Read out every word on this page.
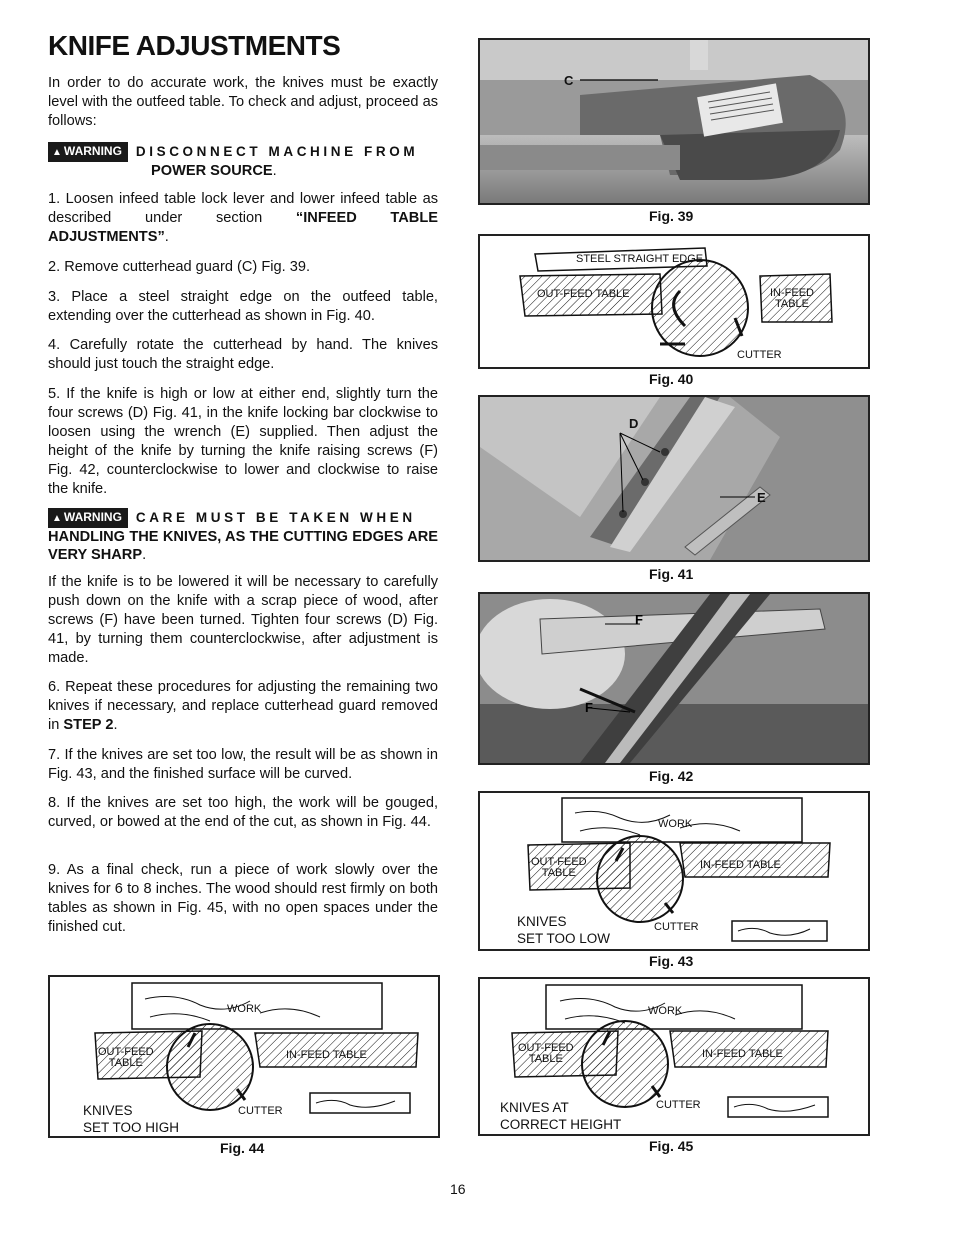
KNIFE ADJUSTMENTS

In order to do accurate work, the knives must be exactly level with the outfeed table. To check and adjust, proceed as follows:

▲ WARNING DISCONNECT MACHINE FROM
POWER SOURCE.

1. Loosen infeed table lock lever and lower infeed table as described under section “INFEED TABLE ADJUSTMENTS”.

2. Remove cutterhead guard (C) Fig. 39.

3. Place a steel straight edge on the outfeed table, extending over the cutterhead as shown in Fig. 40.

4. Carefully rotate the cutterhead by hand. The knives should just touch the straight edge.

5. If the knife is high or low at either end, slightly turn the four screws (D) Fig. 41, in the knife locking bar clockwise to loosen using the wrench (E) supplied. Then adjust the height of the knife by turning the knife raising screws (F) Fig. 42, counterclockwise to lower and clockwise to raise the knife.

▲ WARNING CARE MUST BE TAKEN WHEN
HANDLING THE KNIVES, AS THE CUTTING EDGES ARE VERY SHARP.

If the knife is to be lowered it will be necessary to carefully push down on the knife with a scrap piece of wood, after screws (F) have been turned. Tighten four screws (D) Fig. 41, by turning them counterclockwise, after adjustment is made.

6. Repeat these procedures for adjusting the remaining two knives if necessary, and replace cutterhead guard removed in STEP 2.

7. If the knives are set too low, the result will be as shown in Fig. 43, and the finished surface will be curved.

8. If the knives are set too high, the work will be gouged, curved, or bowed at the end of the cut, as shown in Fig. 44.

9. As a final check, run a piece of work slowly over the knives for 6 to 8 inches. The wood should rest firmly on both tables as shown in Fig. 45, with no open spaces under the finished cut.

C
Fig. 39
STEEL STRAIGHT EDGE
OUT-FEED TABLE	IN-FEED
TABLE
CUTTER
Fig. 40
D
E
Fig. 41
F
F
Fig. 42
WORK
OUT-FEED
TABLE
IN-FEED TABLE
KNIVES
SET TOO LOW
CUTTER
Fig. 43
WORK
OUT-FEED
TABLE
IN-FEED TABLE
KNIVES
SET TOO HIGH
CUTTER
Fig. 44
WORK
OUT-FEED
TABLE	IN-FEED TABLE
KNIVES AT
CORRECT HEIGHT
CUTTER
Fig. 45
16
